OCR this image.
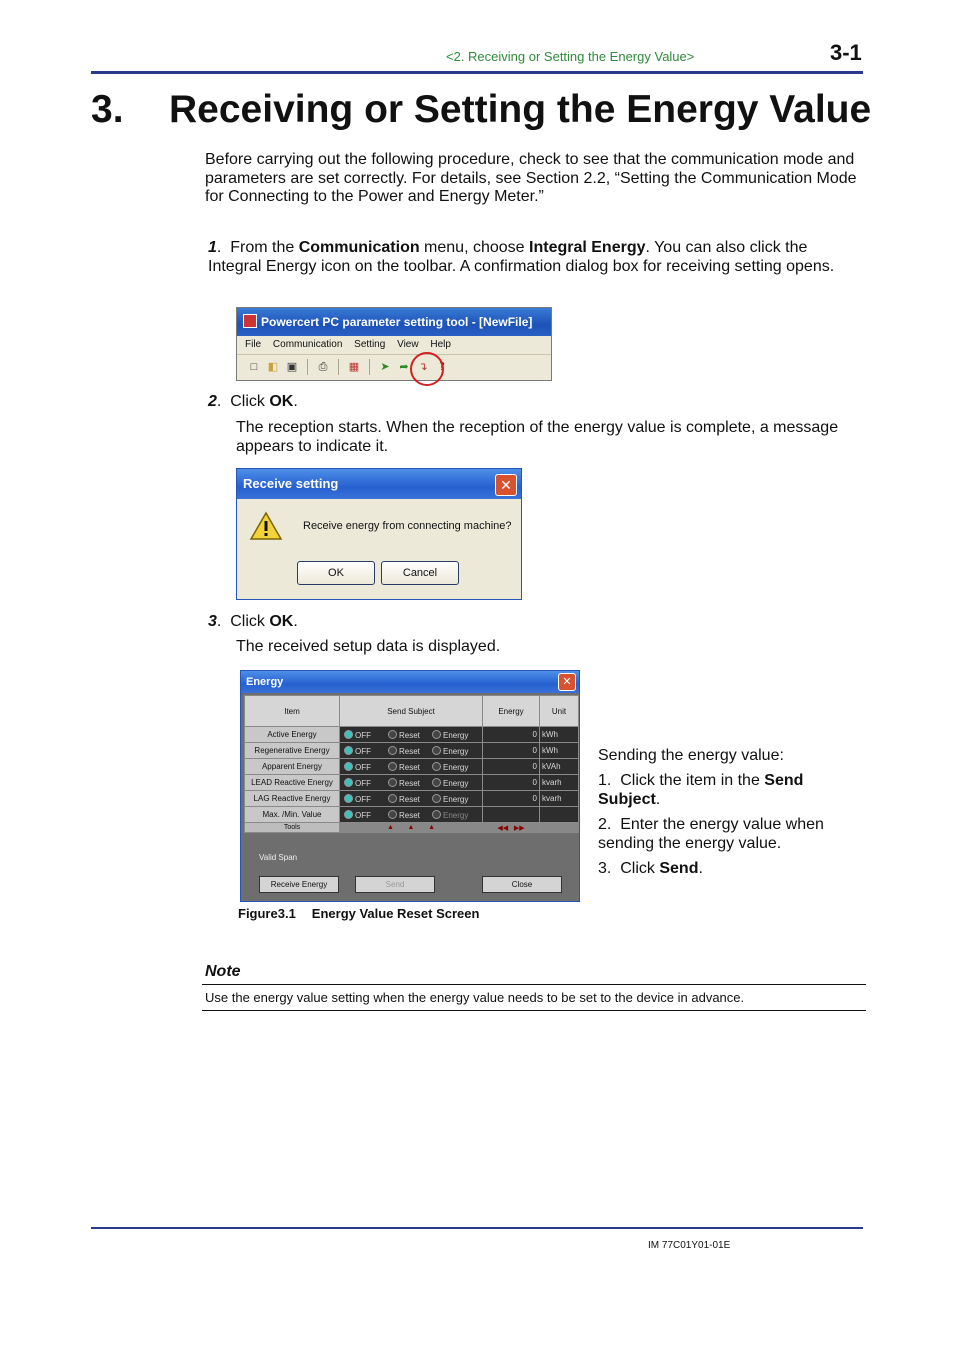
<2. Receiving or Setting the Energy Value>	3-1
3. Receiving or Setting the Energy Value
Before carrying out the following procedure, check to see that the communication mode and parameters are set correctly. For details, see Section 2.2, “Setting the Communication Mode for Connecting to the Power and Energy Meter.”
1.  From the Communication menu, choose Integral Energy. You can also click the Integral Energy icon on the toolbar. A confirmation dialog box for receiving setting opens.
Powercert PC parameter setting tool - [NewFile]
File Communication Setting View Help
□ ◧ ▣ ⎙ ▦ ➤ ➦ ↴	‽
2.  Click OK.
The reception starts. When the reception of the energy value is complete, a message appears to indicate it.
Receive setting	✕
Receive energy from connecting machine?
OK	Cancel
3.  Click OK.
The received setup data is displayed.
Energy	✕
Item	Send Subject	Energy	Unit
Active Energy	OFF Reset Energy	0	kWh
Regenerative Energy	OFF Reset Energy	0	kWh
Apparent Energy	OFF Reset Energy	0	kVAh
LEAD Reactive Energy	OFF Reset Energy	0	kvarh
LAG Reactive Energy	OFF Reset Energy	0	kvarh
Max. /Min. Value	OFF Reset Energy		
Tools	▲       ▲       ▲	◀◀   ▶▶	
Valid Span
Receive Energy	Send	Close
Figure3.1 Energy Value Reset Screen
Sending the energy value:
1. Click the item in the Send Subject.
2. Enter the energy value when sending the energy value.
3. Click Send.
Note
Use the energy value setting when the energy value needs to be set to the device in advance.
IM 77C01Y01-01E
